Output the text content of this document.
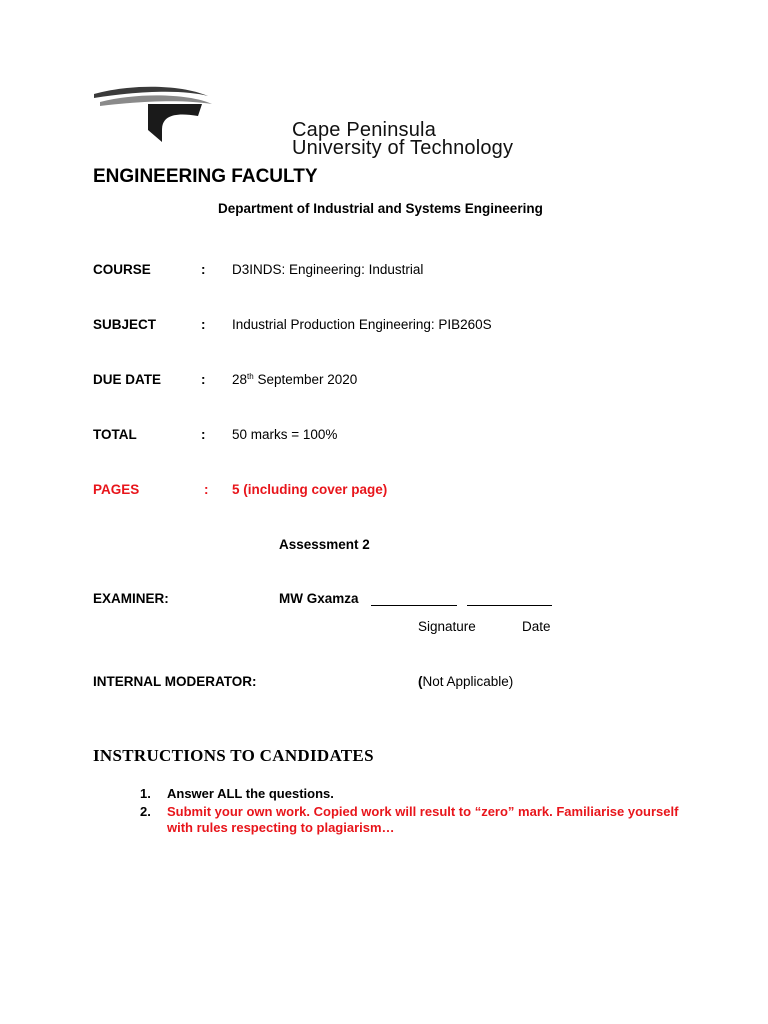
Cape Peninsula
University of Technology
ENGINEERING FACULTY
Department of Industrial and Systems Engineering
COURSE	: D3INDS: Engineering: Industrial
SUBJECT	: Industrial Production Engineering: PIB260S
DUE DATE	: 28th September 2020
TOTAL	: 50 marks = 100%
PAGES	: 5 (including cover page)
Assessment 2
EXAMINER:	MW Gxamza
Signature	Date
INTERNAL MODERATOR:	(Not Applicable)
INSTRUCTIONS TO CANDIDATES
1. Answer ALL the questions.
2. Submit your own work. Copied work will result to “zero” mark. Familiarise yourself with rules respecting to plagiarism…
